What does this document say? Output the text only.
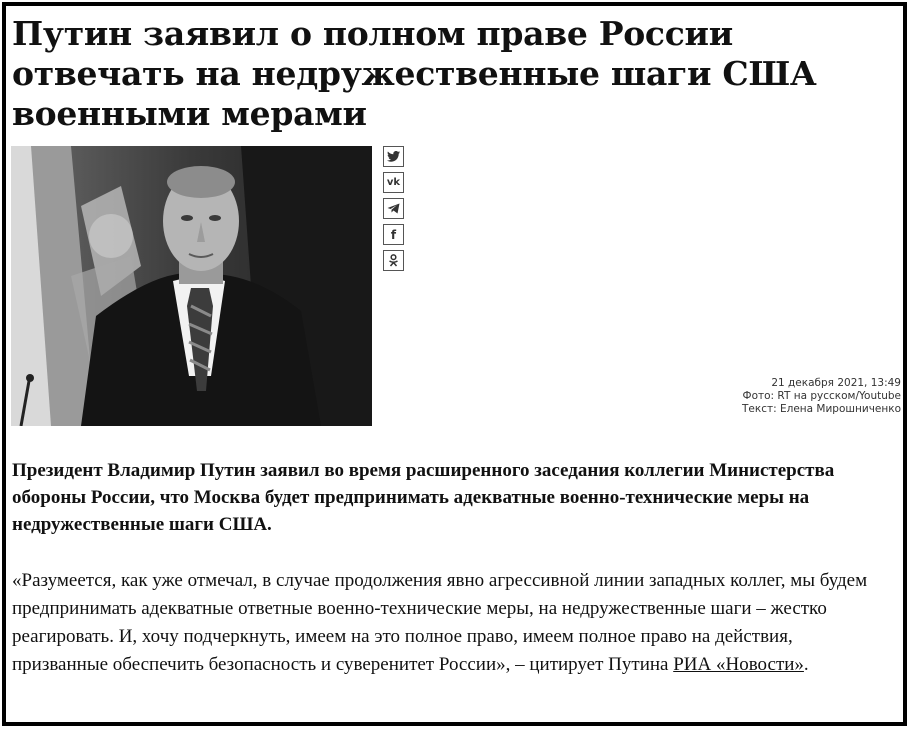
Путин заявил о полном праве России отвечать на недружественные шаги США военными мерами
vk
f
21 декабря 2021, 13:49
Фото: RT на русском/Youtube
Текст: Елена Мирошниченко

Президент Владимир Путин заявил во время расширенного заседания коллегии Министерства обороны России, что Москва будет предпринимать адекватные военно-технические меры на недружественные шаги США.

«Разумеется, как уже отмечал, в случае продолжения явно агрессивной линии западных коллег, мы будем предпринимать адекватные ответные военно-технические меры, на недружественные шаги – жестко реагировать. И, хочу подчеркнуть, имеем на это полное право, имеем полное право на действия, призванные обеспечить безопасность и суверенитет России», – цитирует Путина РИА «Новости».
